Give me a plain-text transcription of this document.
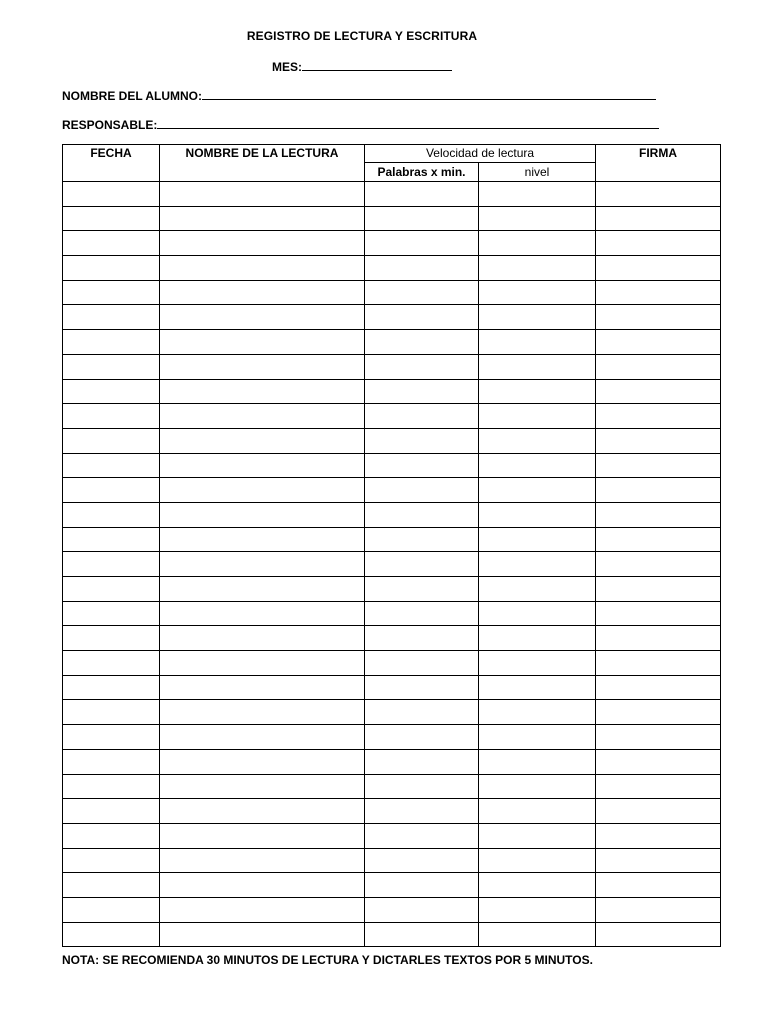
REGISTRO DE LECTURA Y ESCRITURA
MES:
NOMBRE DEL ALUMNO:
RESPONSABLE:
FECHA	NOMBRE DE LA LECTURA	Velocidad de lectura		FIRMA
		Palabras x min.	nivel	

NOTA: SE RECOMIENDA 30 MINUTOS DE LECTURA Y DICTARLES TEXTOS POR 5 MINUTOS.
